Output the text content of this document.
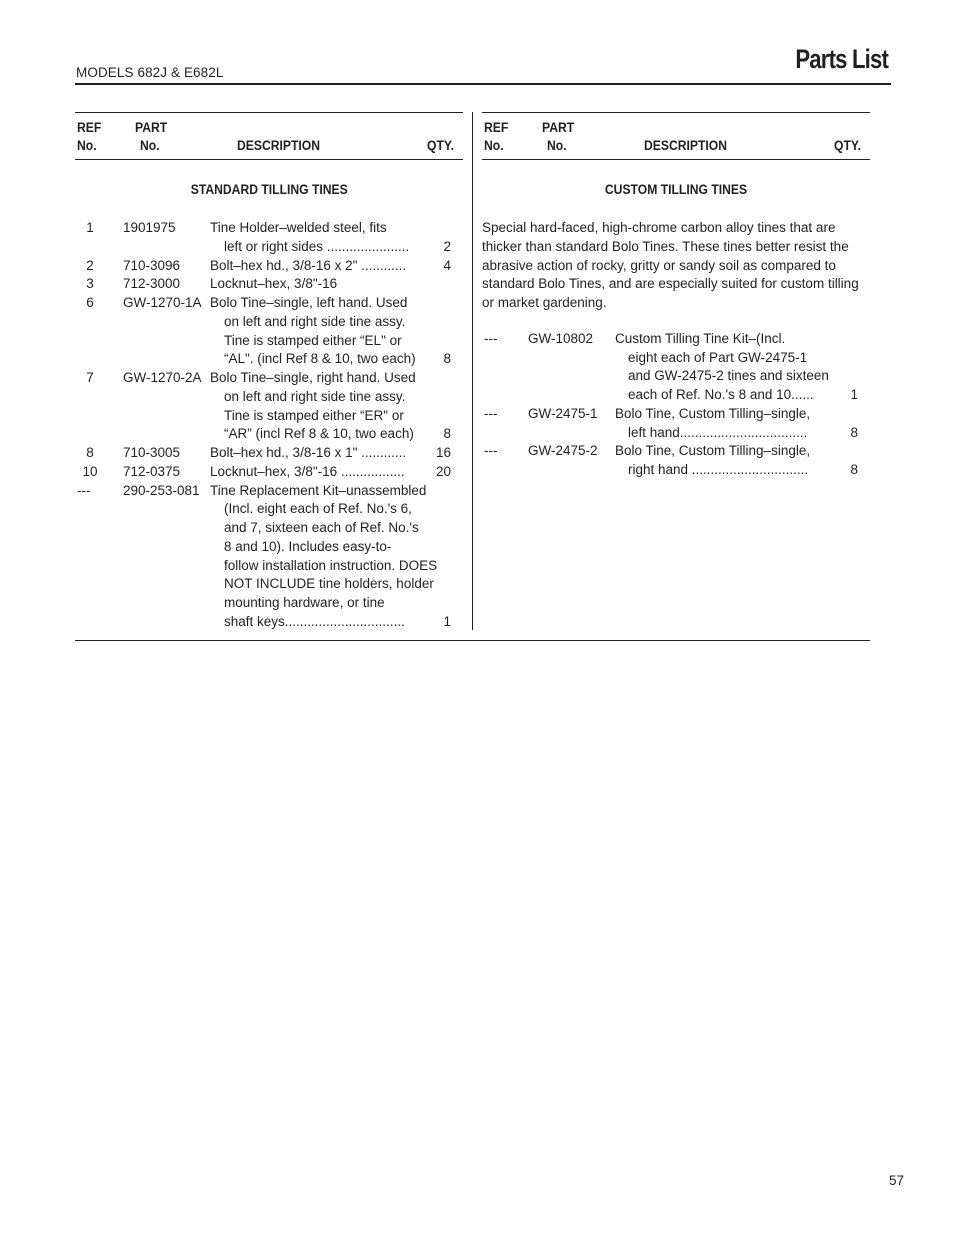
MODELS 682J & E682L	Parts List
REF
No.
PART
No.	DESCRIPTION	QTY.
STANDARD TILLING TINES
1	1901975	Tine Holder–welded steel, fits
left or right sides ......................	2
2	710-3096 Bolt–hex hd., 3/8-16 x 2" ............	4
3	712-3000 Locknut–hex, 3/8"-16
6	GW-1270-1A Bolo Tine–single, left hand. Used
on left and right side tine assy.
Tine is stamped either “EL" or
“AL". (incl Ref 8 & 10, two each) 8
7	GW-1270-2A Bolo Tine–single, right hand. Used
on left and right side tine assy.
Tine is stamped either “ER" or
“AR” (incl Ref 8 & 10, two each) 8
8	710-3005 Bolt–hex hd., 3/8-16 x 1" ............ 16
10	712-0375 Locknut–hex, 3/8"-16 ................. 20
---	290-253-081 Tine Replacement Kit–unassembled
(Incl. eight each of Ref. No.'s 6,
and 7, sixteen each of Ref. No.'s
8 and 10). Includes easy-to-
follow installation instruction. DOES
NOT INCLUDE tine holders, holder
mounting hardware, or tine
shaft keys................................	1
REF
No.
PART
No.	DESCRIPTION	QTY.
CUSTOM TILLING TINES
Special hard-faced, high-chrome carbon alloy tines that are thicker than standard Bolo Tines. These tines better resist the abrasive action of rocky, gritty or sandy soil as compared to standard Bolo Tines, and are especially suited for custom tilling or market gardening.
---	GW-10802 Custom Tilling Tine Kit–(Incl.
eight each of Part GW-2475-1
and GW-2475-2 tines and sixteen
each of Ref. No.'s 8 and 10......	1
---	GW-2475-1 Bolo Tine, Custom Tilling–single,
left hand..................................	8
---	GW-2475-2 Bolo Tine, Custom Tilling–single,
right hand ...............................	8
57
